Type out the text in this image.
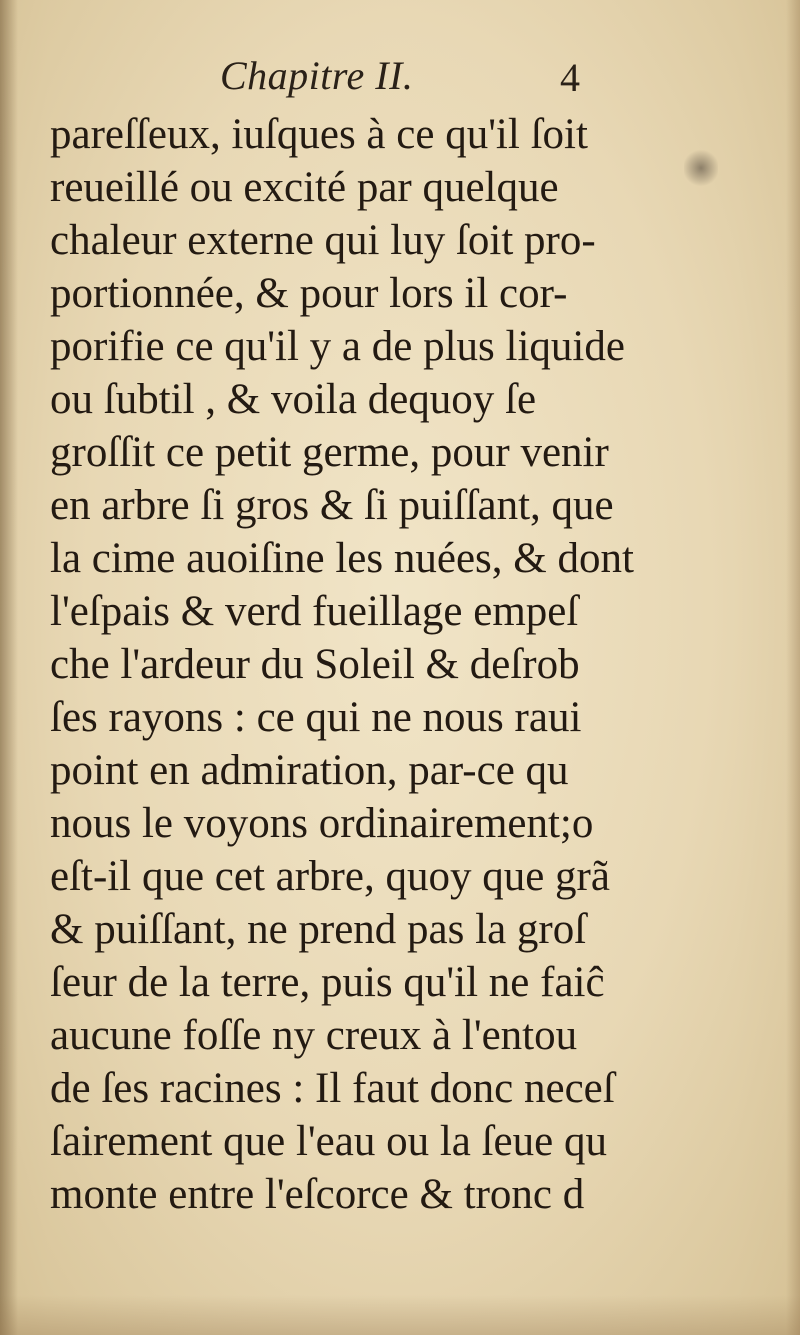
Chapitre II.	4
pareſſeux, iuſques à ce qu'il ſoit
reueillé ou excité par quelque
chaleur externe qui luy ſoit pro-
portionnée, & pour lors il cor-
porifie ce qu'il y a de plus liquide
ou ſubtil , & voila dequoy ſe
groſſit ce petit germe, pour venir
en arbre ſi gros & ſi puiſſant, que
la cime auoiſine les nuées, & dont
l'eſpais & verd fueillage empeſ
che l'ardeur du Soleil & deſrob
ſes rayons : ce qui ne nous raui
point en admiration, par-ce qu
nous le voyons ordinairement;o
eſt-il que cet arbre, quoy que grã
& puiſſant, ne prend pas la groſ
ſeur de la terre, puis qu'il ne faiĉ
aucune foſſe ny creux à l'entou
de ſes racines : Il faut donc neceſ
ſairement que l'eau ou la ſeue qu
monte entre l'eſcorce & tronc d
